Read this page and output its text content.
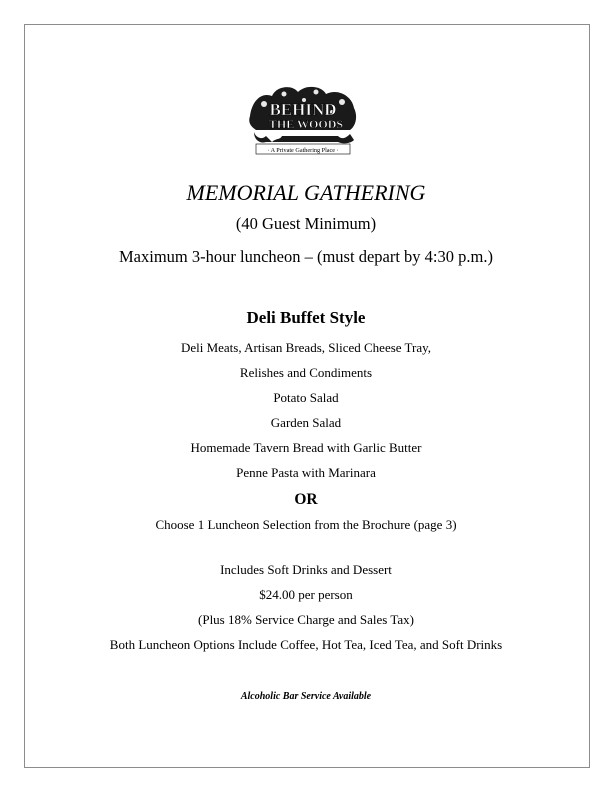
BEHIND
THE WOODS
· A Private Gathering Place ·
MEMORIAL GATHERING
(40 Guest Minimum)
Maximum 3-hour luncheon – (must depart by 4:30 p.m.)
Deli Buffet Style
Deli Meats, Artisan Breads, Sliced Cheese Tray,
Relishes and Condiments
Potato Salad
Garden Salad
Homemade Tavern Bread with Garlic Butter
Penne Pasta with Marinara
OR
Choose 1 Luncheon Selection from the Brochure (page 3)
Includes Soft Drinks and Dessert
$24.00 per person
(Plus 18% Service Charge and Sales Tax)
Both Luncheon Options Include Coffee, Hot Tea, Iced Tea, and Soft Drinks
Alcoholic Bar Service Available
